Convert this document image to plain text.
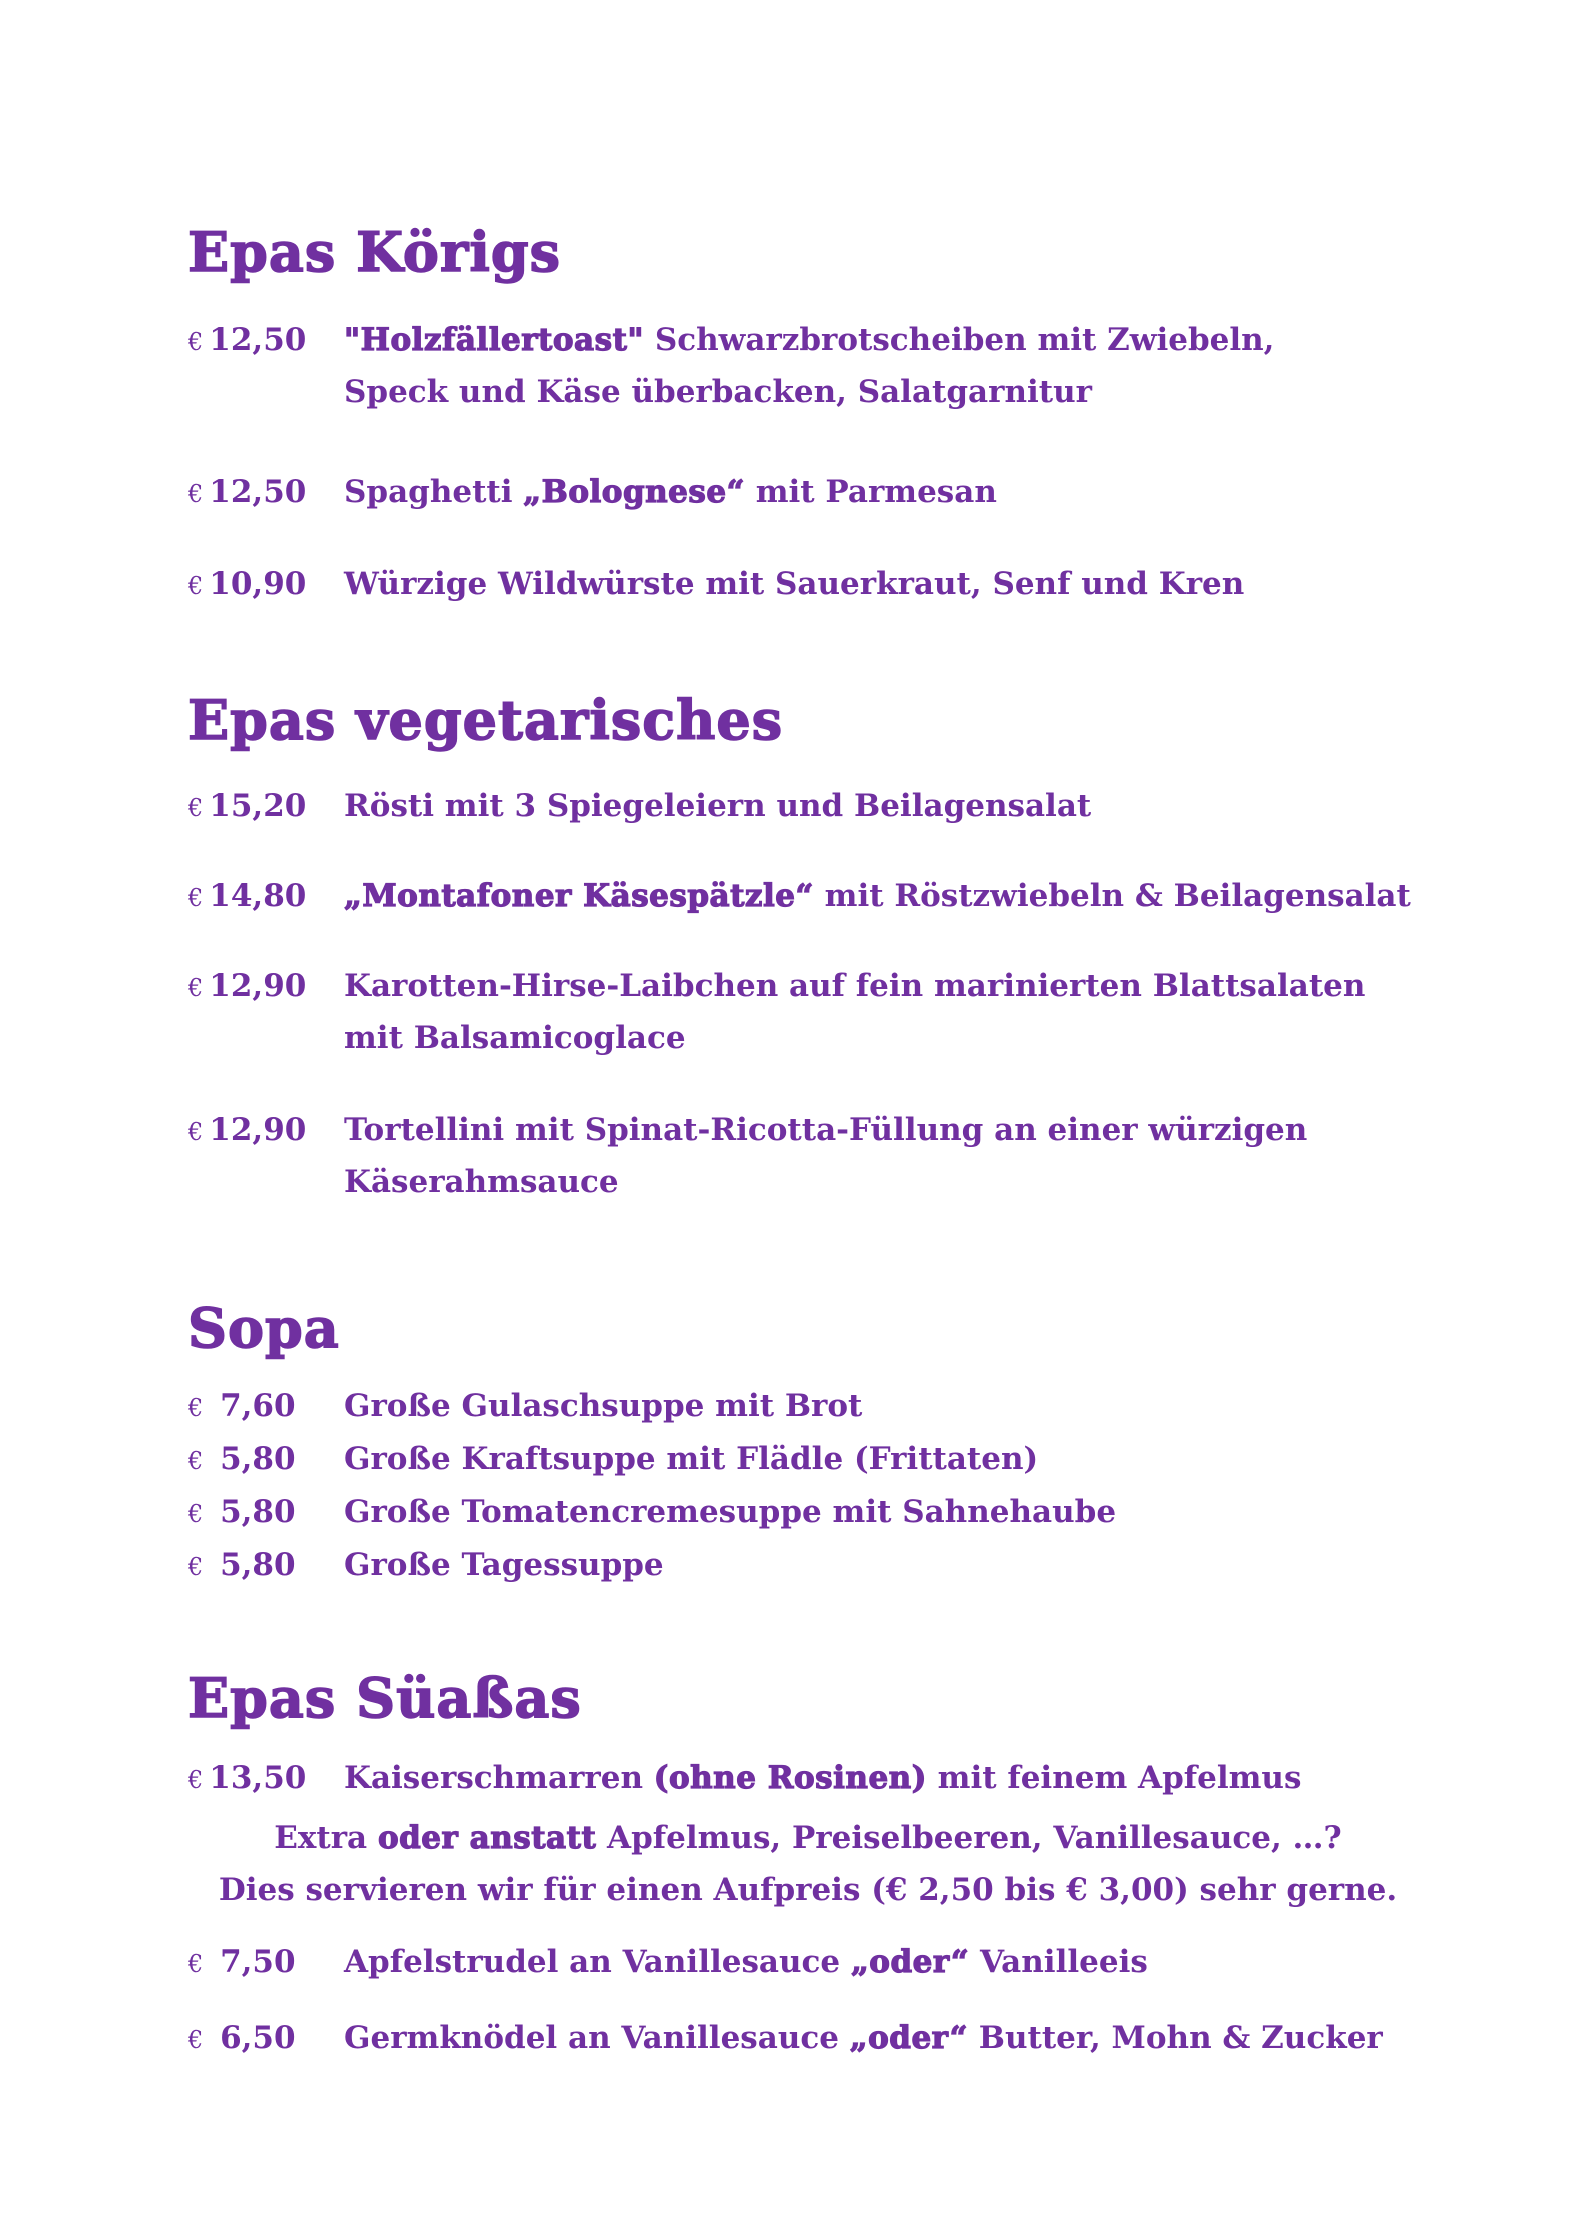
Epas Körigs
€ 12,50	"Holzfällertoast" Schwarzbrotscheiben mit Zwiebeln,
Speck und Käse überbacken, Salatgarnitur
€ 12,50	Spaghetti „Bolognese“ mit Parmesan
€ 10,90	Würzige Wildwürste mit Sauerkraut, Senf und Kren
Epas vegetarisches
€ 15,20	Rösti mit 3 Spiegeleiern und Beilagensalat
€ 14,80	„Montafoner Käsespätzle“ mit Röstzwiebeln & Beilagensalat
€ 12,90	Karotten-Hirse-Laibchen auf fein marinierten Blattsalaten
mit Balsamicoglace
€ 12,90	Tortellini mit Spinat-Ricotta-Füllung an einer würzigen
Käserahmsauce
Sopa
€ 7,60	Große Gulaschsuppe mit Brot
€ 5,80	Große Kraftsuppe mit Flädle (Frittaten)
€ 5,80	Große Tomatencremesuppe mit Sahnehaube
€ 5,80	Große Tagessuppe
Epas Süaßas
€ 13,50	Kaiserschmarren (ohne Rosinen) mit feinem Apfelmus
Extra oder anstatt Apfelmus, Preiselbeeren, Vanillesauce, …?
Dies servieren wir für einen Aufpreis (€ 2,50 bis € 3,00) sehr gerne.
€ 7,50	Apfelstrudel an Vanillesauce „oder“ Vanilleeis
€ 6,50	Germknödel an Vanillesauce „oder“ Butter, Mohn & Zucker
